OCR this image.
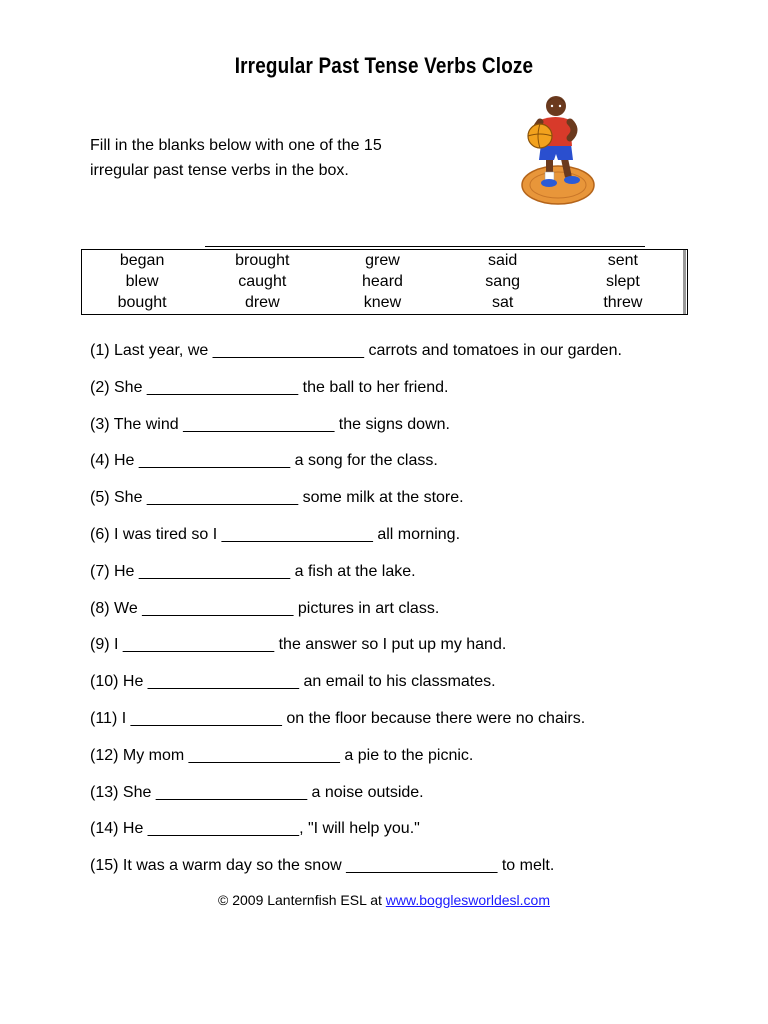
Irregular Past Tense Verbs Cloze
Fill in the blanks below with one of the 15
irregular past tense verbs in the box.
began	brought	grew	said	sent
blew	caught	heard	sang	slept
bought	drew	knew	sat	threw
(1) Last year, we _________________ carrots and tomatoes in our garden.
(2) She _________________ the ball to her friend.
(3) The wind _________________ the signs down.
(4) He _________________ a song for the class.
(5) She _________________ some milk at the store.
(6) I was tired so I _________________ all morning.
(7) He _________________ a fish at the lake.
(8) We _________________ pictures in art class.
(9) I _________________ the answer so I put up my hand.
(10) He _________________ an email to his classmates.
(11) I _________________ on the floor because there were no chairs.
(12) My mom _________________ a pie to the picnic.
(13) She _________________ a noise outside.
(14) He _________________, "I will help you."
(15) It was a warm day so the snow _________________ to melt.
© 2009 Lanternfish ESL at www.bogglesworldesl.com
